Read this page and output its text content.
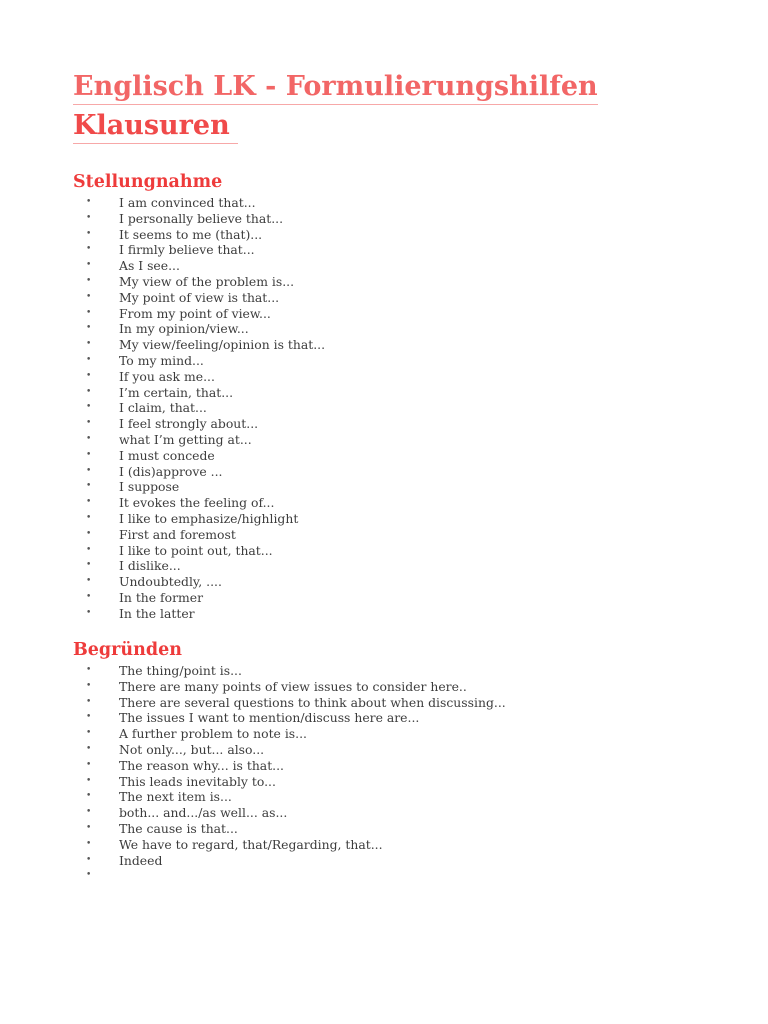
Englisch LK - Formulierungshilfen
Klausuren
Stellungnahme
• I am convinced that...
• I personally believe that...
• It seems to me (that)...
• I firmly believe that...
• As I see...
• My view of the problem is...
• My point of view is that...
• From my point of view...
• In my opinion/view...
• My view/feeling/opinion is that...
• To my mind...
• If you ask me...
• I’m certain, that...
• I claim, that...
• I feel strongly about...
• what I’m getting at...
• I must concede
• I (dis)approve ...
• I suppose
• It evokes the feeling of...
• I like to emphasize/highlight
• First and foremost
• I like to point out, that...
• I dislike...
• Undoubtedly, ....
• In the former
• In the latter
Begründen
• The thing/point is...
• There are many points of view issues to consider here..
• There are several questions to think about when discussing...
• The issues I want to mention/discuss here are...
• A further problem to note is...
• Not only..., but... also...
• The reason why... is that...
• This leads inevitably to...
• The next item is...
• both... and.../as well... as...
• The cause is that...
• We have to regard, that/Regarding, that...
• Indeed
•
